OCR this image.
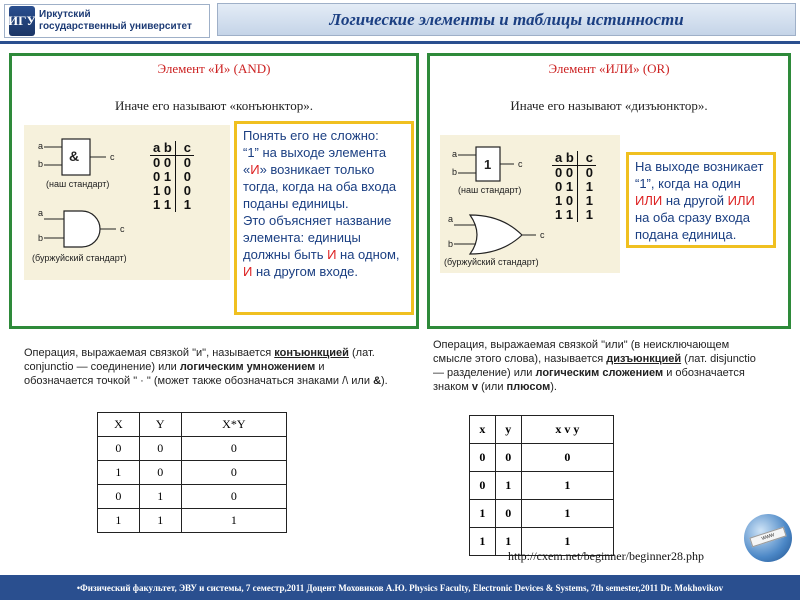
ИГУ Иркутский
государственный университет	Логические элементы и таблицы истинности
Элемент «И» (AND)
Иначе его называют «конъюнктор».
a
b
c
&
(наш стандарт)
a
b
c
(буржуйский стандарт)
a b	c
0 0	0
0 1	0
1 0	0
1 1	1
Понять его не сложно:
“1” на выходе элемента «И» возникает только тогда, когда на оба входа поданы единицы.
Это объясняет название элемента: единицы должны быть И на одном, И на другом входе.
Элемент «ИЛИ» (OR)
Иначе его называют «дизъюнктор».
a
b
c
1
(наш стандарт)
a
b
c
(буржуйский стандарт)
a b	c
0 0	0
0 1	1
1 0	1
1 1	1
На выходе возникает “1”, когда на один ИЛИ на другой ИЛИ на оба сразу входа подана единица.
Операция, выражаемая связкой "и", называется конъюнкцией (лат. conjunctio — соединение) или логическим умножением и обозначается точкой " · " (может также обозначаться знаками /\ или &).
Операция, выражаемая связкой "или" (в неисключающем смысле этого слова), называется дизъюнкцией (лат. disjunctio — разделение) или логическим сложением и обозначается знаком v (или плюсом).
X	Y	X*Y
0	0	0
1	0	0
0	1	0
1	1	1
x	y	x v y
0	0	0
0	1	1
1	0	1
1	1	1
http://cxem.net/beginner/beginner28.php
www
•Физический факультет, ЭВУ и системы, 7 семестр,2011 Доцент Моховиков А.Ю. Physics Faculty, Electronic Devices & Systems, 7th semester,2011 Dr. Mokhovikov
